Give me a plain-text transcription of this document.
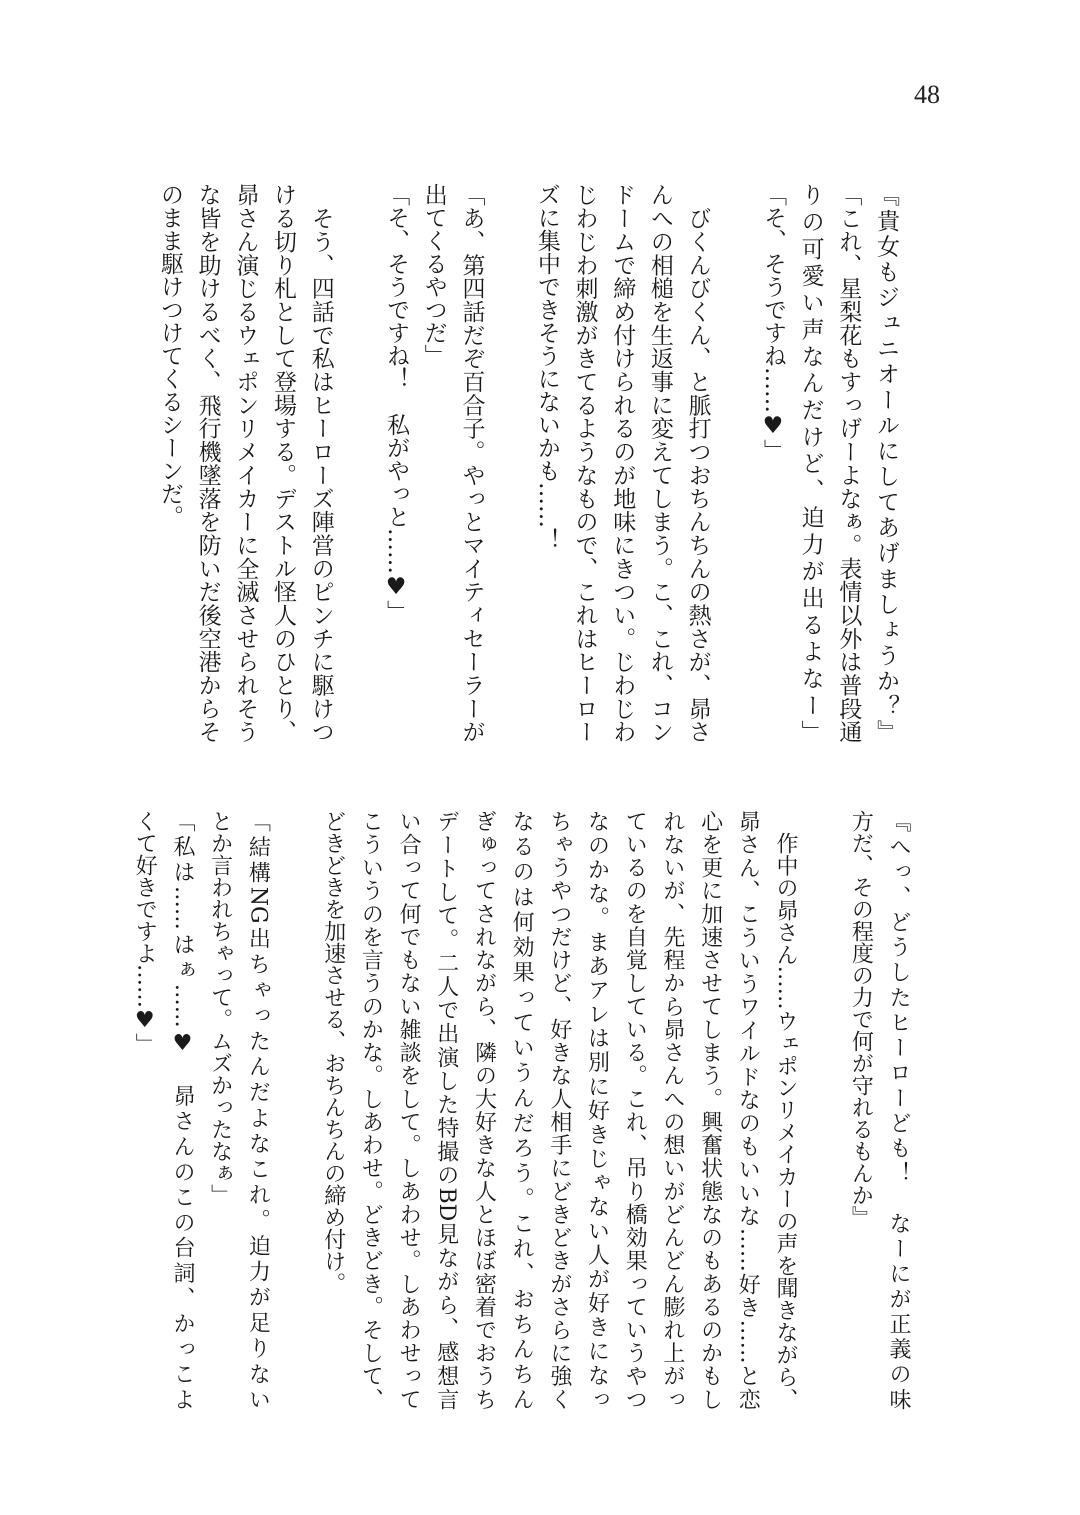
48
『貴女もジュニオールにしてあげましょうか？』
「これ、星梨花もすっげーよなぁ。表情以外は普段通
りの可愛い声なんだけど、迫力が出るよなー」
「そ、そうですね……♥」
　びくんびくん、と脈打つおちんちんの熱さが、昴さ
んへの相槌を生返事に変えてしまう。こ、これ、コン
ドームで締め付けられるのが地味にきつい。じわじわ
じわじわ刺激がきてるようなもので、これはヒーロー
ズに集中できそうにないかも……！
「あ、第四話だぞ百合子。やっとマイティセーラーが
出てくるやつだ」
「そ、そうですね！　私がやっと……♥」
　そう、四話で私はヒーローズ陣営のピンチに駆けつ
ける切り札として登場する。デストル怪人のひとり、
昴さん演じるウェポンリメイカーに全滅させられそう
な皆を助けるべく、飛行機墜落を防いだ後空港からそ
のまま駆けつけてくるシーンだ。
『へっ、どうしたヒーローども！　なーにが正義の味
方だ、その程度の力で何が守れるもんか』
　作中の昴さん……ウェポンリメイカーの声を聞きながら、
昴さん、こういうワイルドなのもいいな……好き……と恋
心を更に加速させてしまう。興奮状態なのもあるのかもし
れないが、先程から昴さんへの想いがどんどん膨れ上がっ
ているのを自覚している。これ、吊り橋効果っていうやつ
なのかな。まあアレは別に好きじゃない人が好きになっ
ちゃうやつだけど、好きな人相手にどきどきがさらに強く
なるのは何効果っていうんだろう。これ、おちんちん
ぎゅってされながら、隣の大好きな人とほぼ密着でおうち
デートして。二人で出演した特撮のBD見ながら、感想言
い合って何でもない雑談をして。しあわせ。しあわせって
こういうのを言うのかな。しあわせ。どきどき。そして、
どきどきを加速させる、おちんちんの締め付け。
「結構NG出ちゃったんだよなこれ。迫力が足りない
とか言われちゃって。ムズかったなぁ」
「私は……はぁ……♥　昴さんのこの台詞、かっこよ
くて好きですよ……♥」
